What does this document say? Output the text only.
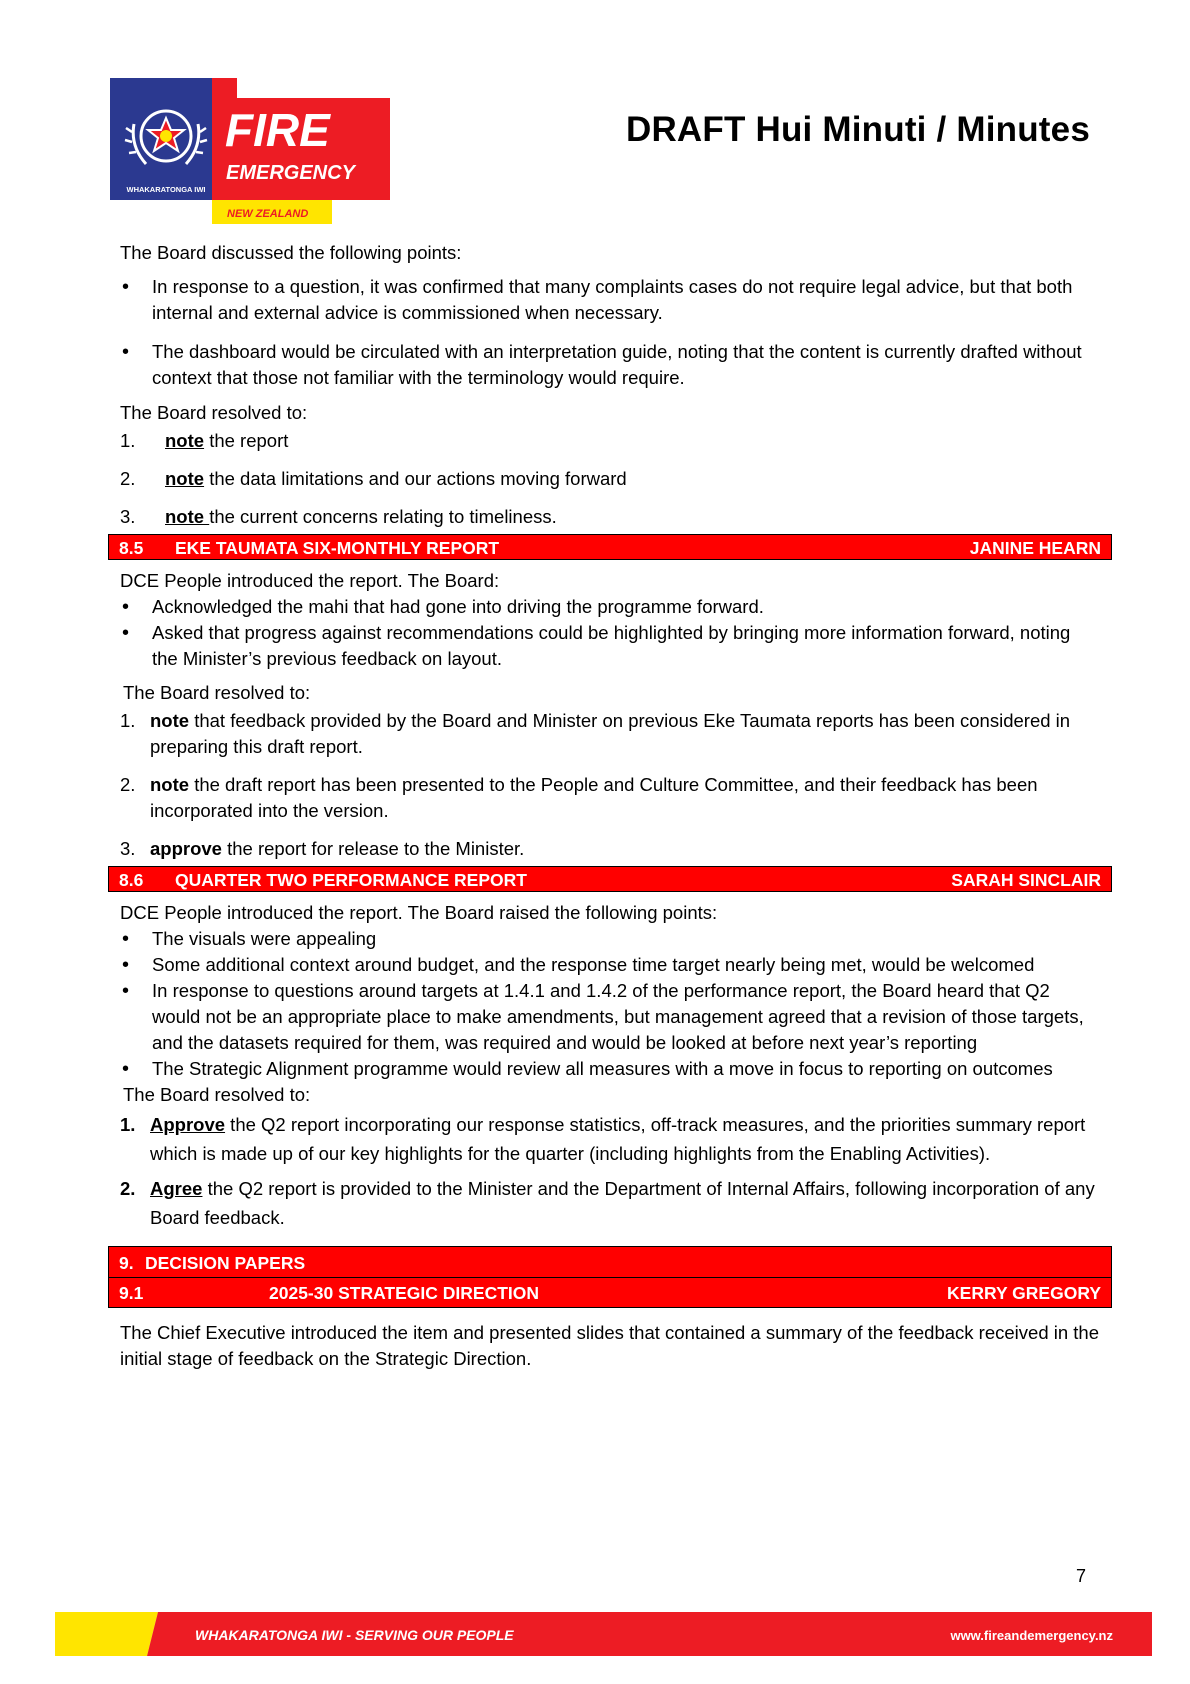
WHAKARATONGA IWI
FIRE
EMERGENCY
NEW ZEALAND
DRAFT Hui Minuti / Minutes

The Board discussed the following points:

• In response to a question, it was confirmed that many complaints cases do not require legal advice, but that both internal and external advice is commissioned when necessary.
• The dashboard would be circulated with an interpretation guide, noting that the content is currently drafted without context that those not familiar with the terminology would require.

The Board resolved to:

1. note the report
2. note the data limitations and our actions moving forward
3. note the current concerns relating to timeliness.
8.5 EKE TAUMATA SIX-MONTHLY REPORT	JANINE HEARN

DCE People introduced the report. The Board:

• Acknowledged the mahi that had gone into driving the programme forward.
• Asked that progress against recommendations could be highlighted by bringing more information forward, noting the Minister’s previous feedback on layout.

The Board resolved to:

1. note that feedback provided by the Board and Minister on previous Eke Taumata reports has been considered in preparing this draft report.
2. note the draft report has been presented to the People and Culture Committee, and their feedback has been incorporated into the version.
3. approve the report for release to the Minister.
8.6 QUARTER TWO PERFORMANCE REPORT	SARAH SINCLAIR

DCE People introduced the report. The Board raised the following points:

• The visuals were appealing
• Some additional context around budget, and the response time target nearly being met, would be welcomed
• In response to questions around targets at 1.4.1 and 1.4.2 of the performance report, the Board heard that Q2 would not be an appropriate place to make amendments, but management agreed that a revision of those targets, and the datasets required for them, was required and would be looked at before next year’s reporting
• The Strategic Alignment programme would review all measures with a move in focus to reporting on outcomes

The Board resolved to:

1. Approve the Q2 report incorporating our response statistics, off-track measures, and the priorities summary report which is made up of our key highlights for the quarter (including highlights from the Enabling Activities).
2. Agree the Q2 report is provided to the Minister and the Department of Internal Affairs, following incorporation of any Board feedback.
9. DECISION PAPERS
9.1	2025-30 STRATEGIC DIRECTION	KERRY GREGORY

The Chief Executive introduced the item and presented slides that contained a summary of the feedback received in the initial stage of feedback on the Strategic Direction.

7
WHAKARATONGA IWI - SERVING OUR PEOPLE	www.fireandemergency.nz
